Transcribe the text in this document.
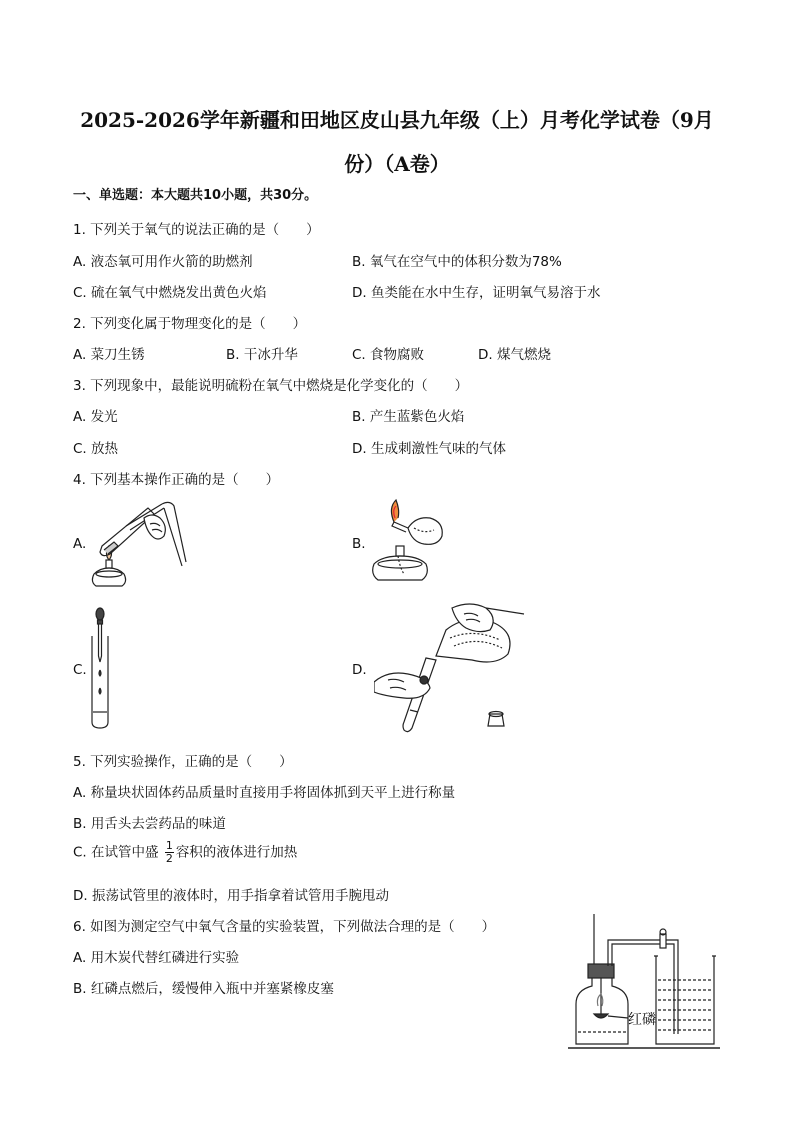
2025-2026学年新疆和田地区皮山县九年级（上）月考化学试卷（9月
份）（A卷）
一、单选题：本大题共10小题，共30分。
1. 下列关于氧气的说法正确的是（　　）
A. 液态氧可用作火箭的助燃剂	B. 氧气在空气中的体积分数为78%
C. 硫在氧气中燃烧发出黄色火焰	D. 鱼类能在水中生存，证明氧气易溶于水
2. 下列变化属于物理变化的是（　　）
A. 菜刀生锈	B. 干冰升华	C. 食物腐败	D. 煤气燃烧
3. 下列现象中，最能说明硫粉在氧气中燃烧是化学变化的（　　）
A. 发光	B. 产生蓝紫色火焰
C. 放热	D. 生成刺激性气味的气体
4. 下列基本操作正确的是（　　）
A.	B.
C.	D.
5. 下列实验操作，正确的是（　　）
A. 称量块状固体药品质量时直接用手将固体抓到天平上进行称量
B. 用舌头去尝药品的味道
C. 在试管中盛 $\frac{1}{2}$ 容积的液体进行加热
D. 振荡试管里的液体时，用手指拿着试管用手腕甩动
6. 如图为测定空气中氧气含量的实验装置，下列做法合理的是（　　）
A. 用木炭代替红磷进行实验
B. 红磷点燃后，缓慢伸入瓶中并塞紧橡皮塞
红磷
